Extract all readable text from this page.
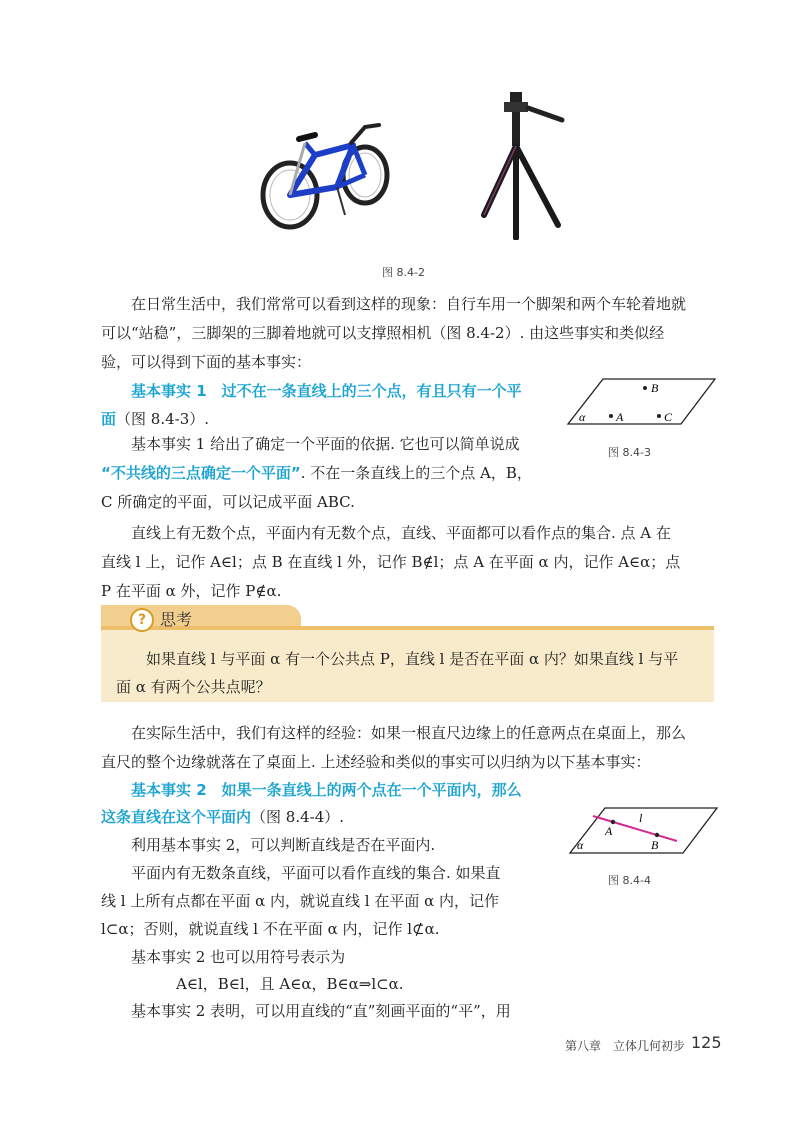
图 8.4-2
在日常生活中，我们常常可以看到这样的现象：自行车用一个脚架和两个车轮着地就
可以“站稳”，三脚架的三脚着地就可以支撑照相机（图 8.4-2）. 由这些事实和类似经
验，可以得到下面的基本事实：
基本事实 1　过不在一条直线上的三个点，有且只有一个平
面（图 8.4-3）.
B
A	C
α
图 8.4-3
基本事实 1 给出了确定一个平面的依据. 它也可以简单说成
“不共线的三点确定一个平面”. 不在一条直线上的三个点 A，B，
C 所确定的平面，可以记成平面 ABC.
直线上有无数个点，平面内有无数个点，直线、平面都可以看作点的集合. 点 A 在
直线 l 上，记作 A∈l；点 B 在直线 l 外，记作 B∉l；点 A 在平面 α 内，记作 A∈α；点
P 在平面 α 外，记作 P∉α.
? 思考
如果直线 l 与平面 α 有一个公共点 P，直线 l 是否在平面 α 内？如果直线 l 与平
面 α 有两个公共点呢？
在实际生活中，我们有这样的经验：如果一根直尺边缘上的任意两点在桌面上，那么
直尺的整个边缘就落在了桌面上. 上述经验和类似的事实可以归纳为以下基本事实：
基本事实 2　如果一条直线上的两个点在一个平面内，那么
这条直线在这个平面内（图 8.4-4）.
A
B
l
α
图 8.4-4
利用基本事实 2，可以判断直线是否在平面内.
平面内有无数条直线，平面可以看作直线的集合. 如果直
线 l 上所有点都在平面 α 内，就说直线 l 在平面 α 内，记作
l⊂α；否则，就说直线 l 不在平面 α 内，记作 l⊄α.
基本事实 2 也可以用符号表示为
A∈l，B∈l，且 A∈α，B∈α⇒l⊂α.
基本事实 2 表明，可以用直线的“直”刻画平面的“平”，用
第八章　立体几何初步 125
